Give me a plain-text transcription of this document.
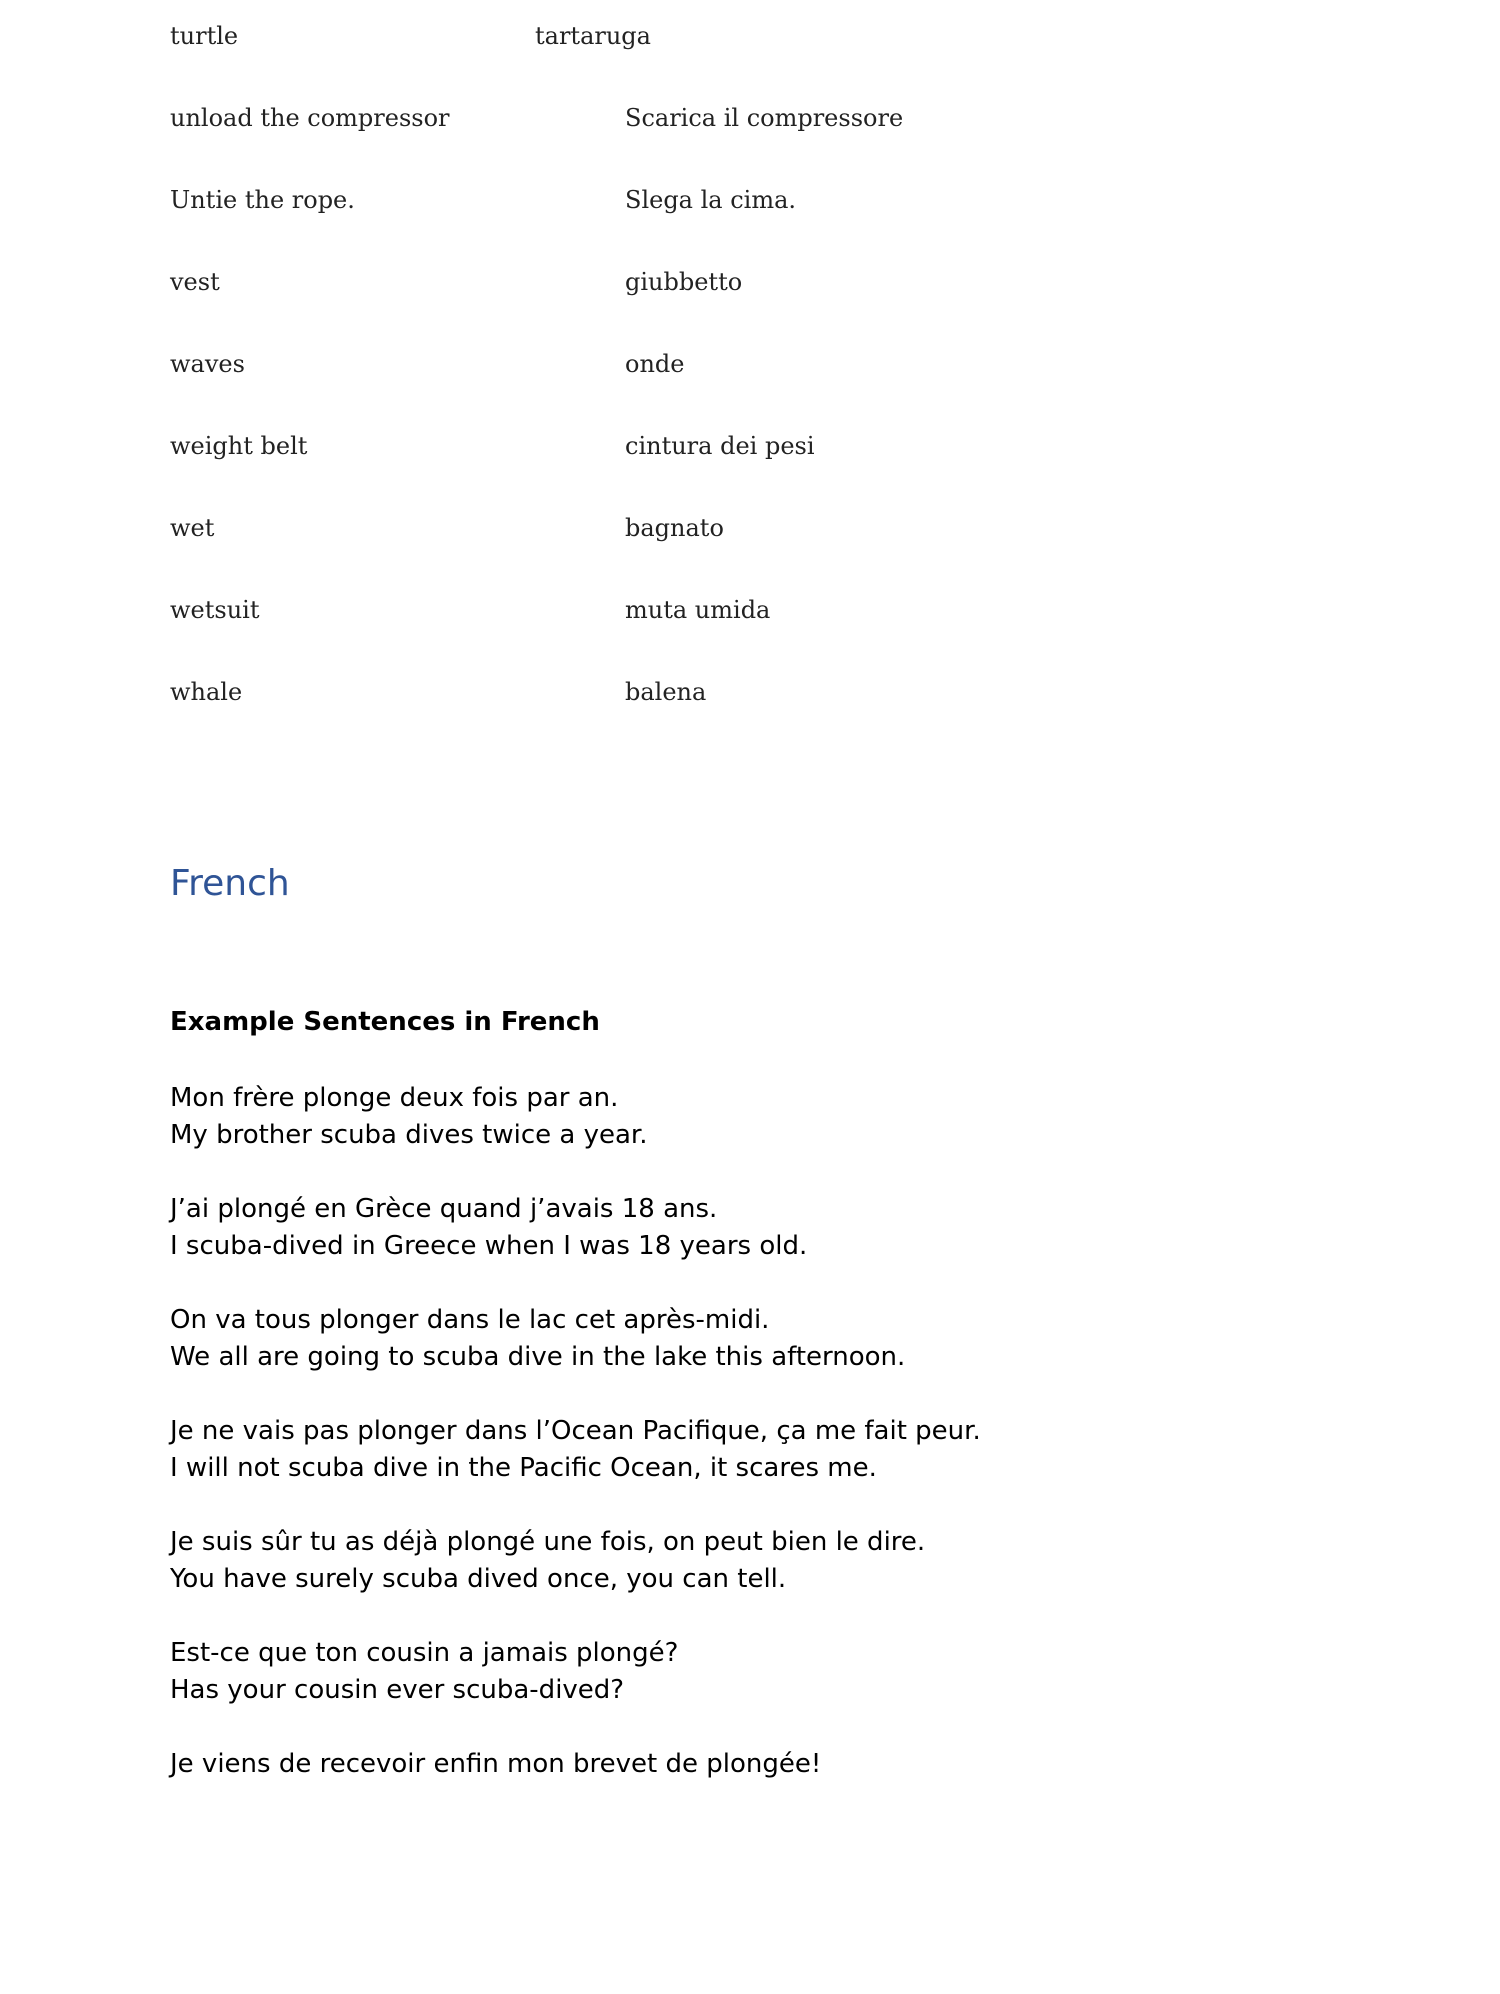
turtle	tartaruga
unload the compressor	Scarica il compressore
Untie the rope.	Slega la cima.
vest	giubbetto
waves	onde
weight belt	cintura dei pesi
wet	bagnato
wetsuit	muta umida
whale	balena
French
Example Sentences in French
Mon frère plonge deux fois par an.
My brother scuba dives twice a year.
J’ai plongé en Grèce quand j’avais 18 ans.
I scuba-dived in Greece when I was 18 years old.
On va tous plonger dans le lac cet après-midi.
We all are going to scuba dive in the lake this afternoon.
Je ne vais pas plonger dans l’Ocean Pacifique, ça me fait peur.
I will not scuba dive in the Pacific Ocean, it scares me.
Je suis sûr tu as déjà plongé une fois, on peut bien le dire.
You have surely scuba dived once, you can tell.
Est-ce que ton cousin a jamais plongé?
Has your cousin ever scuba-dived?
Je viens de recevoir enfin mon brevet de plongée!
